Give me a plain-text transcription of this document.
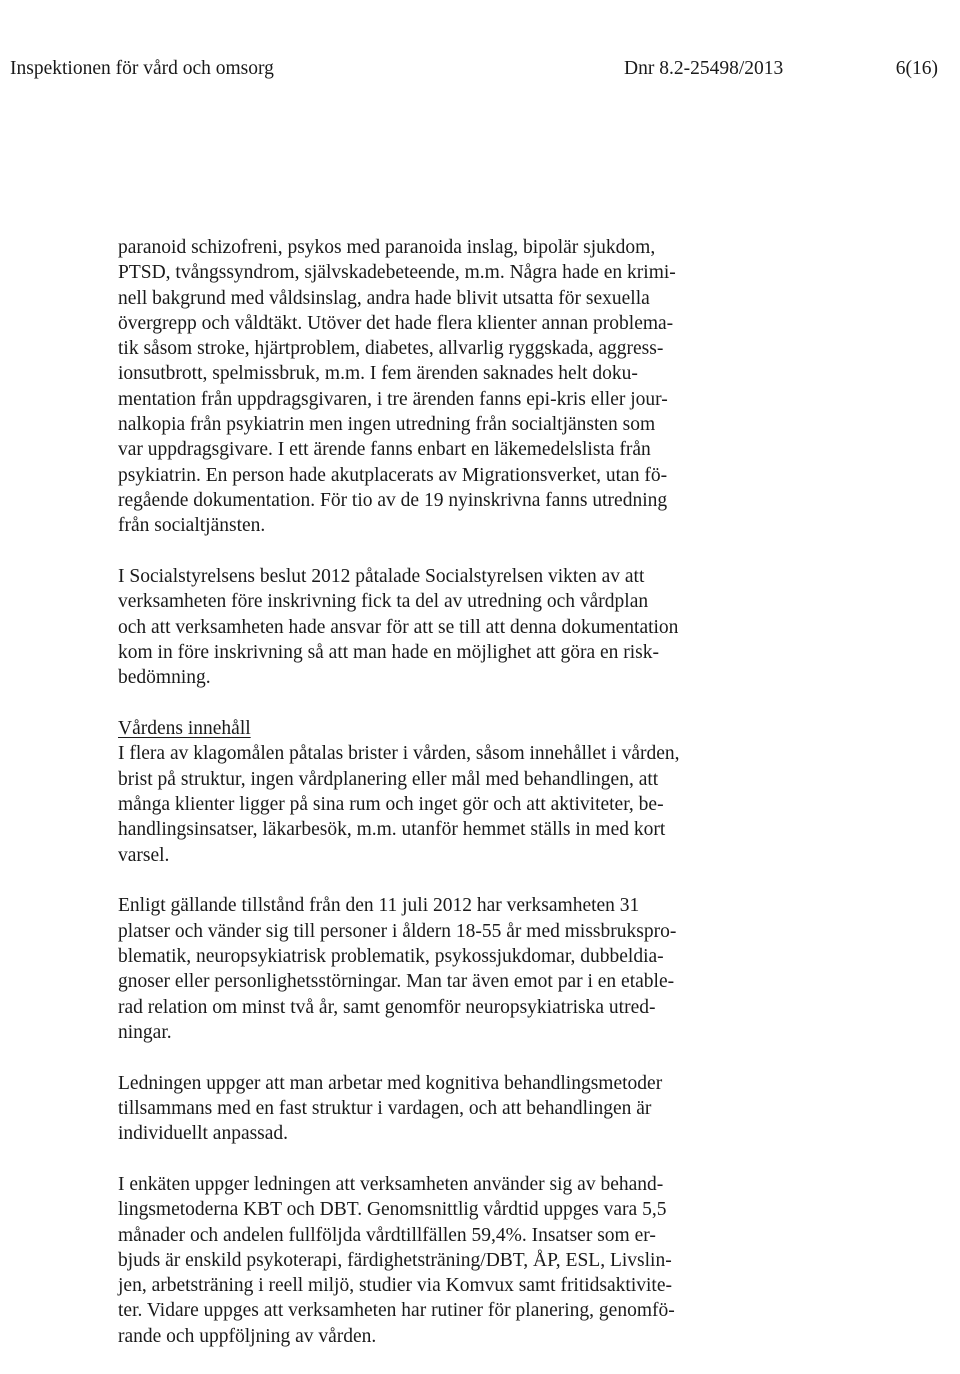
Inspektionen för vård och omsorg	Dnr 8.2-25498/2013	6(16)

paranoid schizofreni, psykos med paranoida inslag, bipolär sjukdom,
PTSD, tvångssyndrom, självskadebeteende, m.m. Några hade en krimi-
nell bakgrund med våldsinslag, andra hade blivit utsatta för sexuella
övergrepp och våldtäkt. Utöver det hade flera klienter annan problema-
tik såsom stroke, hjärtproblem, diabetes, allvarlig ryggskada, aggress-
ionsutbrott, spelmissbruk, m.m. I fem ärenden saknades helt doku-
mentation från uppdragsgivaren, i tre ärenden fanns epi-kris eller jour-
nalkopia från psykiatrin men ingen utredning från socialtjänsten som
var uppdragsgivare. I ett ärende fanns enbart en läkemedelslista från
psykiatrin. En person hade akutplacerats av Migrationsverket, utan fö-
regående dokumentation. För tio av de 19 nyinskrivna fanns utredning
från socialtjänsten.

I Socialstyrelsens beslut 2012 påtalade Socialstyrelsen vikten av att
verksamheten före inskrivning fick ta del av utredning och vårdplan
och att verksamheten hade ansvar för att se till att denna dokumentation
kom in före inskrivning så att man hade en möjlighet att göra en risk-
bedömning.

Vårdens innehåll

I flera av klagomålen påtalas brister i vården, såsom innehållet i vården,
brist på struktur, ingen vårdplanering eller mål med behandlingen, att
många klienter ligger på sina rum och inget gör och att aktiviteter, be-
handlingsinsatser, läkarbesök, m.m. utanför hemmet ställs in med kort
varsel.

Enligt gällande tillstånd från den 11 juli 2012 har verksamheten 31
platser och vänder sig till personer i åldern 18-55 år med missbrukspro-
blematik, neuropsykiatrisk problematik, psykossjukdomar, dubbeldia-
gnoser eller personlighetsstörningar. Man tar även emot par i en etable-
rad relation om minst två år, samt genomför neuropsykiatriska utred-
ningar.

Ledningen uppger att man arbetar med kognitiva behandlingsmetoder
tillsammans med en fast struktur i vardagen, och att behandlingen är
individuellt anpassad.

I enkäten uppger ledningen att verksamheten använder sig av behand-
lingsmetoderna KBT och DBT. Genomsnittlig vårdtid uppges vara 5,5
månader och andelen fullföljda vårdtillfällen 59,4%. Insatser som er-
bjuds är enskild psykoterapi, färdighetsträning/DBT, ÅP, ESL, Livslin-
jen, arbetsträning i reell miljö, studier via Komvux samt fritidsaktivite-
ter. Vidare uppges att verksamheten har rutiner för planering, genomfö-
rande och uppföljning av vården.
